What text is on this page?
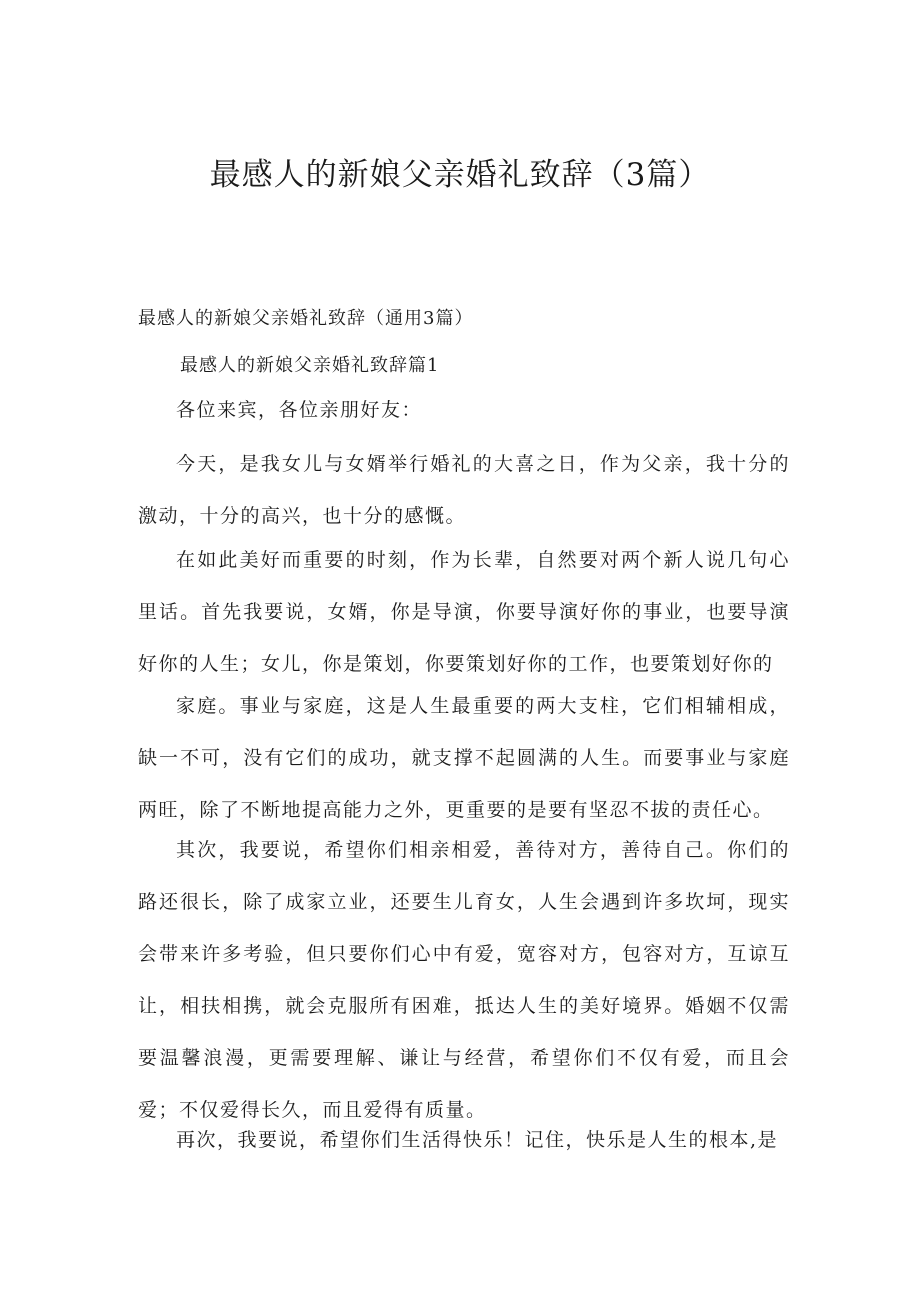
最感人的新娘父亲婚礼致辞（3篇）
最感人的新娘父亲婚礼致辞（通用3篇）
最感人的新娘父亲婚礼致辞篇1

各位来宾，各位亲朋好友：

今天，是我女儿与女婿举行婚礼的大喜之日，作为父亲，我十分的激动，十分的高兴，也十分的感慨。

在如此美好而重要的时刻，作为长辈，自然要对两个新人说几句心里话。首先我要说，女婿，你是导演，你要导演好你的事业，也要导演好你的人生；女儿，你是策划，你要策划好你的工作，也要策划好你的

家庭。事业与家庭，这是人生最重要的两大支柱，它们相辅相成，缺一不可，没有它们的成功，就支撑不起圆满的人生。而要事业与家庭两旺，除了不断地提高能力之外，更重要的是要有坚忍不拔的责任心。

其次，我要说，希望你们相亲相爱，善待对方，善待自己。你们的路还很长，除了成家立业，还要生儿育女，人生会遇到许多坎坷，现实会带来许多考验，但只要你们心中有爱，宽容对方，包容对方，互谅互让，相扶相携，就会克服所有困难，抵达人生的美好境界。婚姻不仅需要温馨浪漫，更需要理解、谦让与经营，希望你们不仅有爱，而且会爱；不仅爱得长久，而且爱得有质量。

再次，我要说，希望你们生活得快乐！记住，快乐是人生的根本,是
